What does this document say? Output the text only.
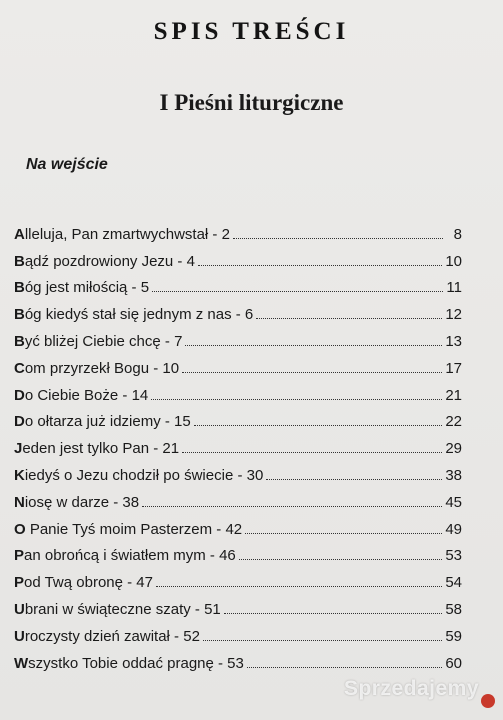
SPIS TREŚCI
I Pieśni liturgiczne
Na wejście
Alleluja, Pan zmartwychwstał - 2	8
Bądź pozdrowiony Jezu - 4	10
Bóg jest miłością - 5	11
Bóg kiedyś stał się jednym z nas - 6	12
Być bliżej Ciebie chcę - 7	13
Com przyrzekł Bogu - 10	17
Do Ciebie Boże - 14	21
Do ołtarza już idziemy - 15	22
Jeden jest tylko Pan - 21	29
Kiedyś o Jezu chodził po świecie - 30	38
Niosę w darze - 38	45
O Panie Tyś moim Pasterzem - 42	49
Pan obrońcą i światłem mym - 46	53
Pod Twą obronę - 47	54
Ubrani w świąteczne szaty - 51	58
Uroczysty dzień zawitał - 52	59
Wszystko Tobie oddać pragnę - 53	60
Sprzedajemy
